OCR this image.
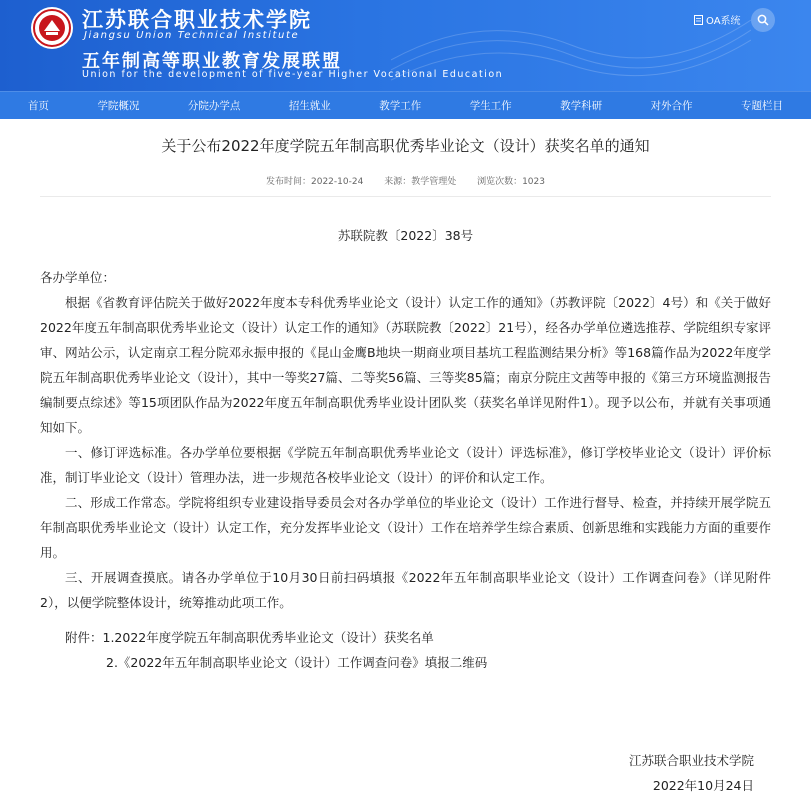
江苏联合职业技术学院
Jiangsu Union Technical Institute
五年制高等职业教育发展联盟
Union for the development of five-year Higher Vocational Education
OA系统
首页	学院概况	分院办学点	招生就业	教学工作	学生工作	教学科研	对外合作	专题栏目
关于公布2022年度学院五年制高职优秀毕业论文（设计）获奖名单的通知
发布时间：2022-10-24 来源：教学管理处 浏览次数：1023
苏联院教〔2022〕38号

各办学单位：

根据《省教育评估院关于做好2022年度本专科优秀毕业论文（设计）认定工作的通知》（苏教评院〔2022〕4号）和《关于做好2022年度五年制高职优秀毕业论文（设计）认定工作的通知》（苏联院教〔2022〕21号），经各办学单位遴选推荐、学院组织专家评审、网站公示，认定南京工程分院邓永振申报的《昆山金鹰B地块一期商业项目基坑工程监测结果分析》等168篇作品为2022年度学院五年制高职优秀毕业论文（设计），其中一等奖27篇、二等奖56篇、三等奖85篇；南京分院庄文茜等申报的《第三方环境监测报告编制要点综述》等15项团队作品为2022年度五年制高职优秀毕业设计团队奖（获奖名单详见附件1）。现予以公布，并就有关事项通知如下。

一、修订评选标准。各办学单位要根据《学院五年制高职优秀毕业论文（设计）评选标准》，修订学校毕业论文（设计）评价标准，制订毕业论文（设计）管理办法，进一步规范各校毕业论文（设计）的评价和认定工作。

二、形成工作常态。学院将组织专业建设指导委员会对各办学单位的毕业论文（设计）工作进行督导、检查，并持续开展学院五年制高职优秀毕业论文（设计）认定工作，充分发挥毕业论文（设计）工作在培养学生综合素质、创新思维和实践能力方面的重要作用。

三、开展调查摸底。请各办学单位于10月30日前扫码填报《2022年五年制高职毕业论文（设计）工作调查问卷》（详见附件2），以便学院整体设计，统筹推动此项工作。

附件：1.2022年度学院五年制高职优秀毕业论文（设计）获奖名单

2.《2022年五年制高职毕业论文（设计）工作调查问卷》填报二维码

江苏联合职业技术学院
2022年10月24日
